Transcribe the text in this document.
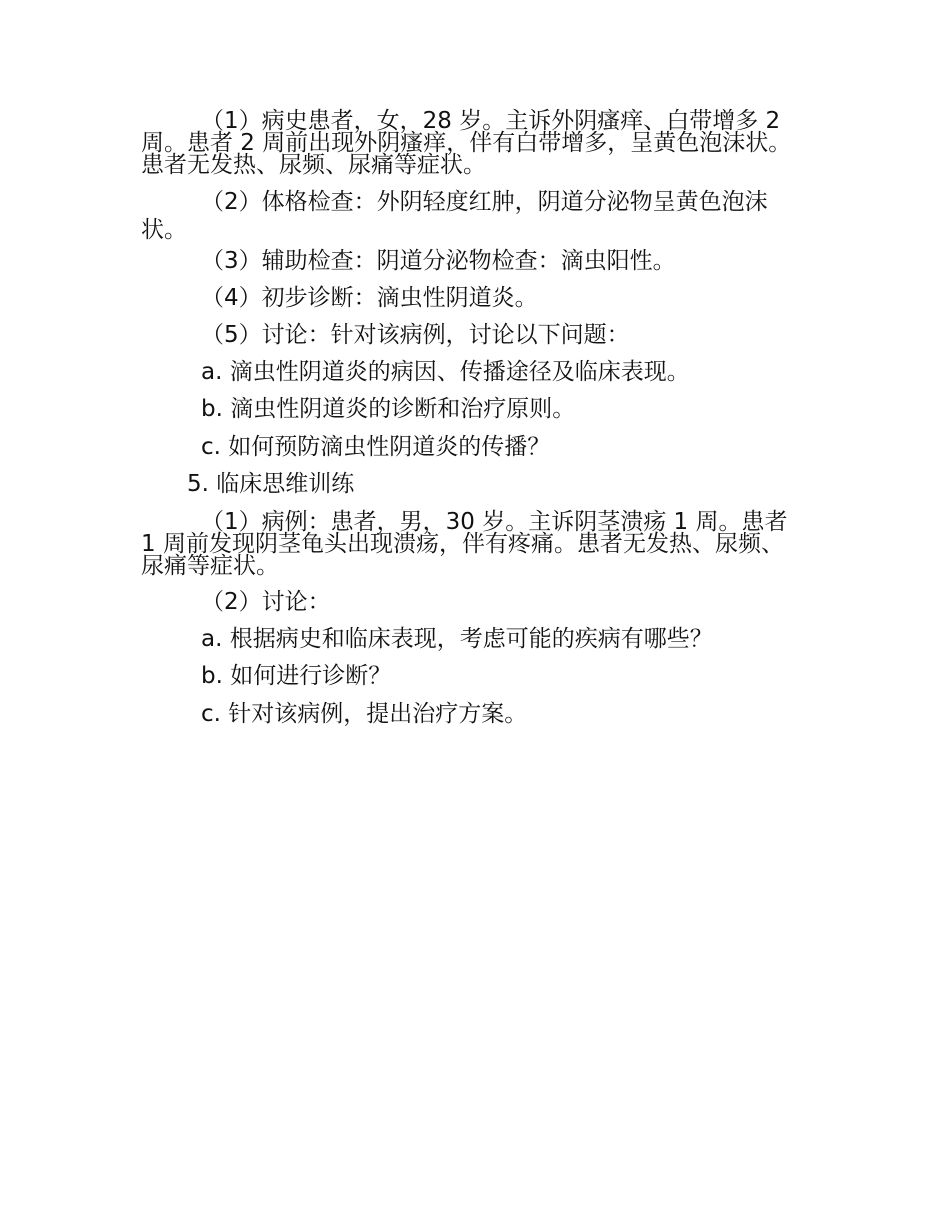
（1）病史患者，女，28 岁。主诉外阴瘙痒、白带增多 2 周。患者 2 周前出现外阴瘙痒，伴有白带增多，呈黄色泡沫状。患者无发热、尿频、尿痛等症状。
（2）体格检查：外阴轻度红肿，阴道分泌物呈黄色泡沫状。
（3）辅助检查：阴道分泌物检查：滴虫阳性。
（4）初步诊断：滴虫性阴道炎。
（5）讨论：针对该病例，讨论以下问题：
a. 滴虫性阴道炎的病因、传播途径及临床表现。
b. 滴虫性阴道炎的诊断和治疗原则。
c. 如何预防滴虫性阴道炎的传播？
5. 临床思维训练
（1）病例：患者，男，30 岁。主诉阴茎溃疡 1 周。患者 1 周前发现阴茎龟头出现溃疡，伴有疼痛。患者无发热、尿频、尿痛等症状。
（2）讨论：
a. 根据病史和临床表现，考虑可能的疾病有哪些？
b. 如何进行诊断？
c. 针对该病例，提出治疗方案。
